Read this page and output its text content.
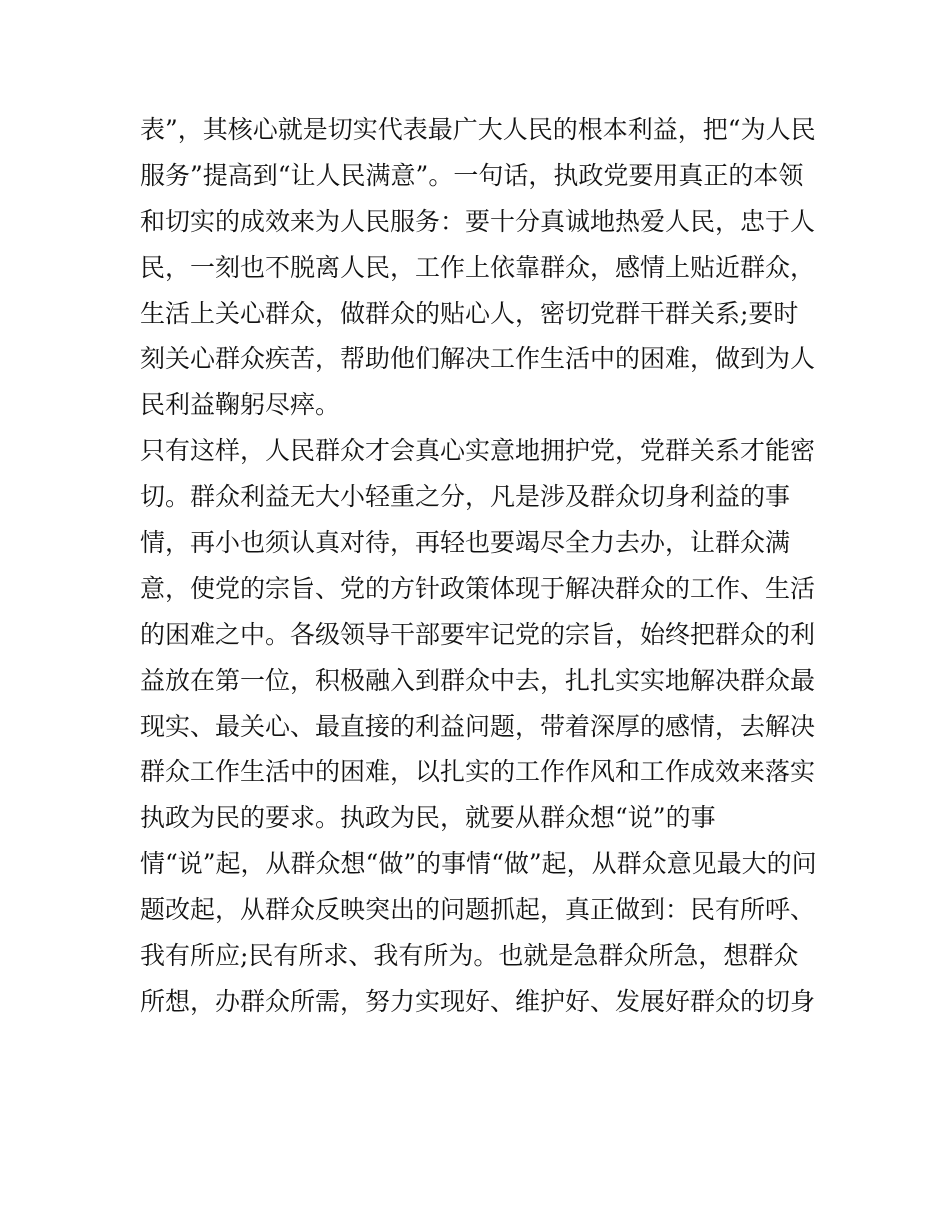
表”，其核心就是切实代表最广大人民的根本利益，把“为人民
服务”提高到“让人民满意”。一句话，执政党要用真正的本领
和切实的成效来为人民服务：要十分真诚地热爱人民，忠于人
民，一刻也不脱离人民，工作上依靠群众，感情上贴近群众，
生活上关心群众，做群众的贴心人，密切党群干群关系;要时
刻关心群众疾苦，帮助他们解决工作生活中的困难，做到为人
民利益鞠躬尽瘁。
只有这样，人民群众才会真心实意地拥护党，党群关系才能密
切。群众利益无大小轻重之分，凡是涉及群众切身利益的事
情，再小也须认真对待，再轻也要竭尽全力去办，让群众满
意，使党的宗旨、党的方针政策体现于解决群众的工作、生活
的困难之中。各级领导干部要牢记党的宗旨，始终把群众的利
益放在第一位，积极融入到群众中去，扎扎实实地解决群众最
现实、最关心、最直接的利益问题，带着深厚的感情，去解决
群众工作生活中的困难，以扎实的工作作风和工作成效来落实
执政为民的要求。执政为民，就要从群众想“说”的事
情“说”起，从群众想“做”的事情“做”起，从群众意见最大的问
题改起，从群众反映突出的问题抓起，真正做到：民有所呼、
我有所应;民有所求、我有所为。也就是急群众所急，想群众
所想，办群众所需，努力实现好、维护好、发展好群众的切身
